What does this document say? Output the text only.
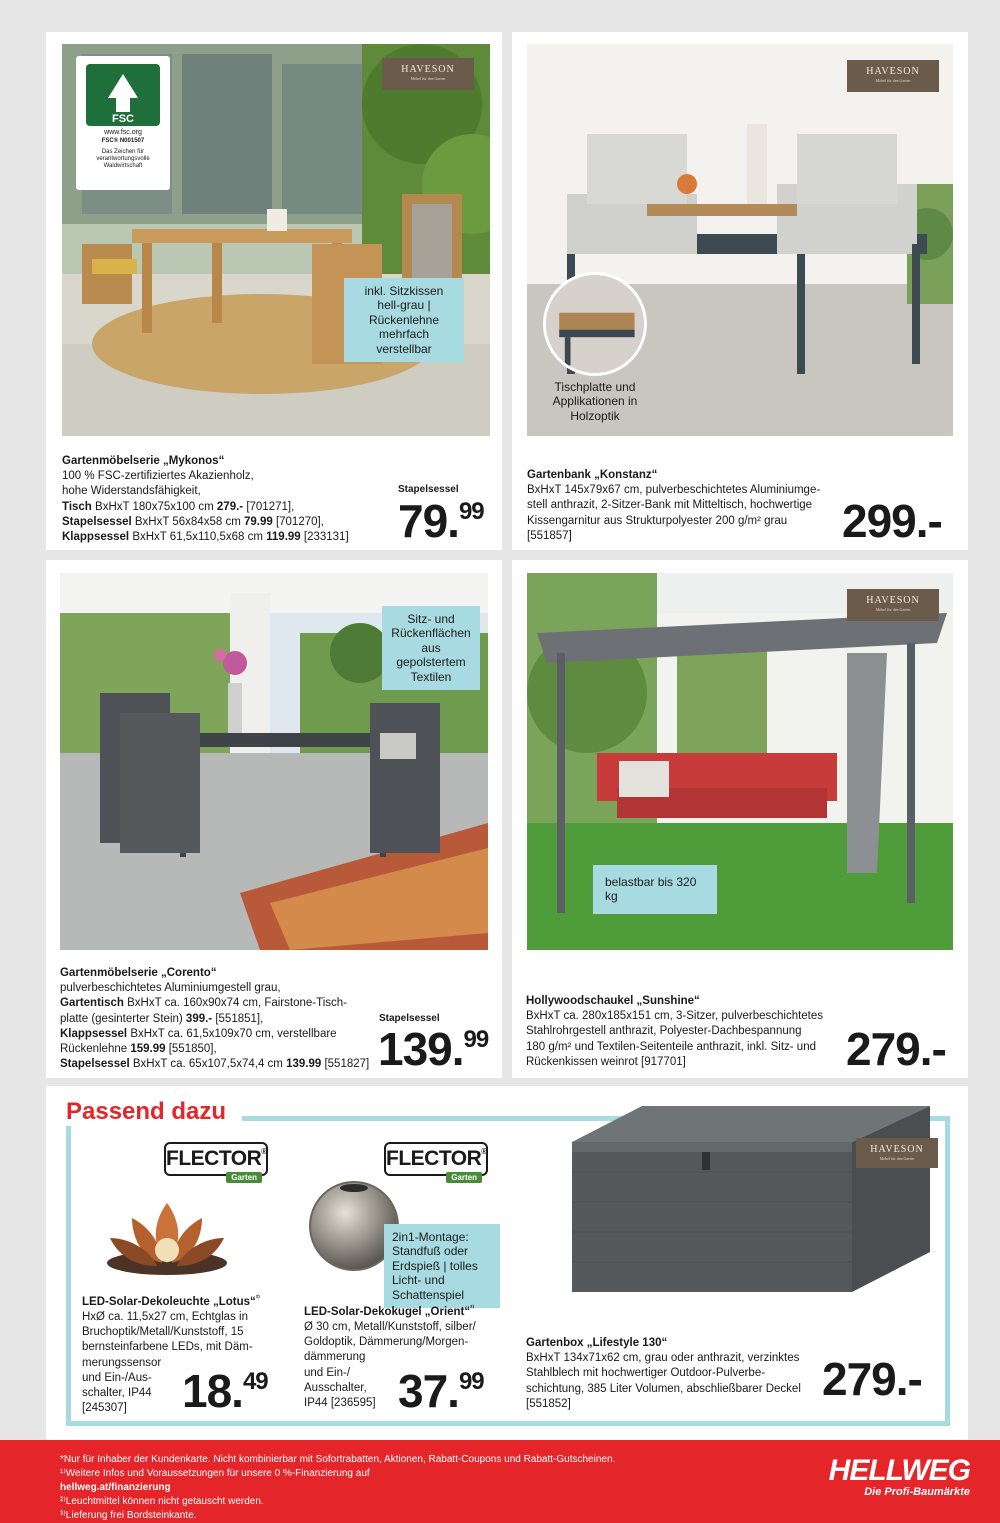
FSC
www.fsc.org
FSC® N001507
Das Zeichen für verantwortungsvolle Waldwirtschaft
HAVESON
Möbel für den Garten
inkl. Sitzkissen hell-grau | Rückenlehne mehrfach verstellbar
Gartenmöbelserie „Mykonos“
100 % FSC-zertifiziertes Akazienholz,
hohe Widerstandsfähigkeit,
Tisch BxHxT 180x75x100 cm 279.- [701271],
Stapelsessel BxHxT 56x84x58 cm 79.99 [701270],
Klappsessel BxHxT 61,5x110,5x68 cm 119.99 [233131]
Stapelsessel
79.99
HAVESON
Möbel für den Garten
Tischplatte und Applikationen in Holzoptik
Gartenbank „Konstanz“
BxHxT 145x79x67 cm, pulverbeschichtetes Aluminiumge-
stell anthrazit, 2-Sitzer-Bank mit Mitteltisch, hochwertige
Kissengarnitur aus Strukturpolyester 200 g/m² grau
[551857]	299.-
Sitz- und Rückenflächen aus gepolstertem Textilen
Gartenmöbelserie „Corento“
pulverbeschichtetes Aluminiumgestell grau,
Gartentisch BxHxT ca. 160x90x74 cm, Fairstone-Tisch-
platte (gesinterter Stein) 399.- [551851],
Klappsessel BxHxT ca. 61,5x109x70 cm, verstellbare
Rückenlehne 159.99 [551850],
Stapelsessel BxHxT ca. 65x107,5x74,4 cm 139.99 [551827]
Stapelsessel
139.99
HAVESON
Möbel für den Garten
belastbar bis 320 kg
Hollywoodschaukel „Sunshine“
BxHxT ca. 280x185x151 cm, 3-Sitzer, pulverbeschichtetes
Stahlrohrgestell anthrazit, Polyester-Dachbespannung
180 g/m² und Textilen-Seitenteile anthrazit, inkl. Sitz- und
Rückenkissen weinrot [917701]	279.-
Passend dazu
FLECTOR®
Garten
LED-Solar-Dekoleuchte „Lotus“$^{^{2)}}$
HxØ ca. 11,5x27 cm, Echtglas in
Bruchoptik/Metall/Kunststoff, 15
bernsteinfarbene LEDs, mit Däm-
merungssensor
und Ein-/Aus-
schalter, IP44
[245307]	18.49
FLECTOR®
Garten
2in1-Montage: Standfuß oder Erdspieß | tolles Licht- und Schattenspiel
LED-Solar-Dekokugel „Orient“$^{^{2)}}$
Ø 30 cm, Metall/Kunststoff, silber/
Goldoptik, Dämmerung/Morgen-
dämmerung
und Ein-/
Ausschalter,
IP44 [236595] 37.99
HAVESON
Möbel für den Garten
Gartenbox „Lifestyle 130“
BxHxT 134x71x62 cm, grau oder anthrazit, verzinktes
Stahlblech mit hochwertiger Outdoor-Pulverbe-
schichtung, 385 Liter Volumen, abschließbarer Deckel
[551852]	279.-
*Nur für Inhaber der Kundenkarte. Nicht kombinierbar mit Sofortrabatten, Aktionen, Rabatt-Coupons und Rabatt-Gutscheinen.
¹⁾Weitere Infos und Voraussetzungen für unsere 0 %-Finanzierung auf
hellweg.at/finanzierung
²⁾Leuchtmittel können nicht getauscht werden.
³⁾Lieferung frei Bordsteinkante.
HELLWEG
Die Profi-Baumärkte
